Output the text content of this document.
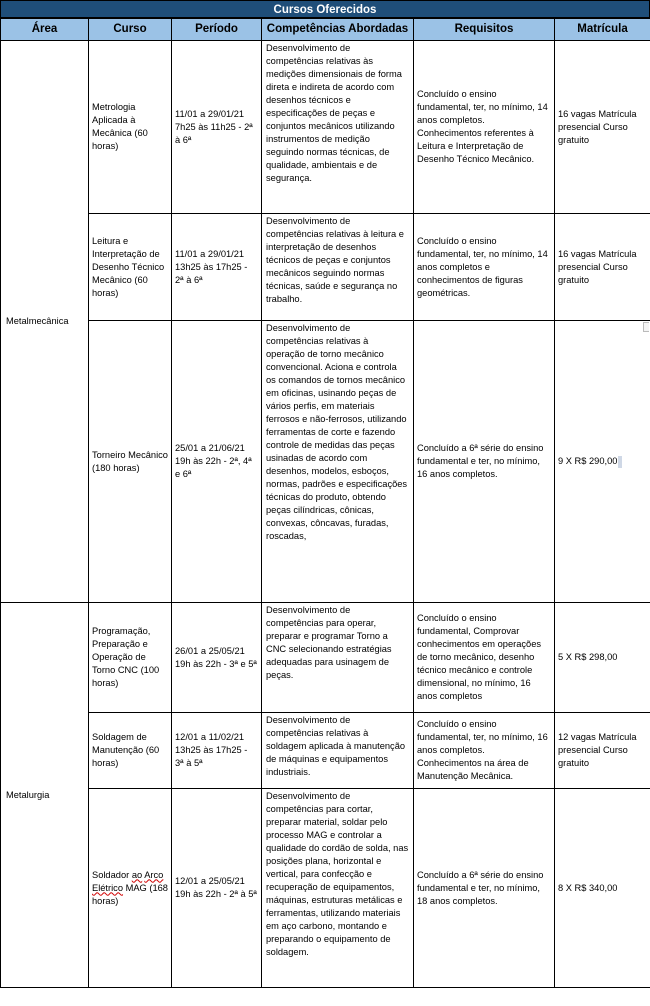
Cursos Oferecidos
Área	Curso	Período	Competências Abordadas	Requisitos	Matrícula
Metalmecânica	Metrologia Aplicada à Mecânica (60 horas)	11/01 a 29/01/21 7h25 às 11h25 - 2ª à 6ª	Desenvolvimento de competências relativas às medições dimensionais de forma direta e indireta de acordo com desenhos técnicos e especificações de peças e conjuntos mecânicos utilizando instrumentos de medição seguindo normas técnicas, de qualidade, ambientais e de segurança.	Concluído o ensino fundamental, ter, no mínimo, 14 anos completos. Conhecimentos referentes à Leitura e Interpretação de Desenho Técnico Mecânico.	16 vagas Matrícula presencial Curso gratuito
	Leitura e Interpretação de Desenho Técnico Mecânico (60 horas)	11/01 a 29/01/21 13h25 às 17h25 - 2ª à 6ª	Desenvolvimento de competências relativas à leitura e interpretação de desenhos técnicos de peças e conjuntos mecânicos seguindo normas técnicas, saúde e segurança no trabalho.	Concluído o ensino fundamental, ter, no mínimo, 14 anos completos e conhecimentos de figuras geométricas.	16 vagas Matrícula presencial Curso gratuito
	Torneiro Mecânico (180 horas)	25/01 a 21/06/21 19h às 22h - 2ª, 4ª e 6ª	Desenvolvimento de competências relativas à operação de torno mecânico convencional. Aciona e controla os comandos de tornos mecânico em oficinas, usinando peças de vários perfis, em materiais ferrosos e não-ferrosos, utilizando ferramentas de corte e fazendo controle de medidas das peças usinadas de acordo com desenhos, modelos, esboços, normas, padrões e especificações técnicas do produto, obtendo peças cilíndricas, cônicas, convexas, côncavas, furadas, roscadas,	Concluído a 6ª série do ensino fundamental e ter, no mínimo, 16 anos completos.	9 X R$ 290,00
Metalurgia	Programação, Preparação e Operação de Torno CNC (100 horas)	26/01 a 25/05/21 19h às 22h - 3ª e 5ª	Desenvolvimento de competências para operar, preparar e programar Torno a CNC selecionando estratégias adequadas para usinagem de peças.	Concluído o ensino fundamental, Comprovar conhecimentos em operações de torno mecânico, desenho técnico mecânico e controle dimensional, no mínimo, 16 anos completos	5 X R$ 298,00
	Soldagem de Manutenção (60 horas)	12/01 a 11/02/21 13h25 às 17h25 - 3ª à 5ª	Desenvolvimento de competências relativas à soldagem aplicada à manutenção de máquinas e equipamentos industriais.	Concluído o ensino fundamental, ter, no mínimo, 16 anos completos. Conhecimentos na área de Manutenção Mecânica.	12 vagas Matrícula presencial Curso gratuito
	Soldador ao Arco Elétrico MAG (168 horas)	12/01 a 25/05/21 19h às 22h - 2ª à 5ª	Desenvolvimento de competências para cortar, preparar material, soldar pelo processo MAG e controlar a qualidade do cordão de solda, nas posições plana, horizontal e vertical, para confecção e recuperação de equipamentos, máquinas, estruturas metálicas e ferramentas, utilizando materiais em aço carbono, montando e preparando o equipamento de soldagem.	Concluído a 6ª série do ensino fundamental e ter, no mínimo, 18 anos completos.	8 X R$ 340,00
